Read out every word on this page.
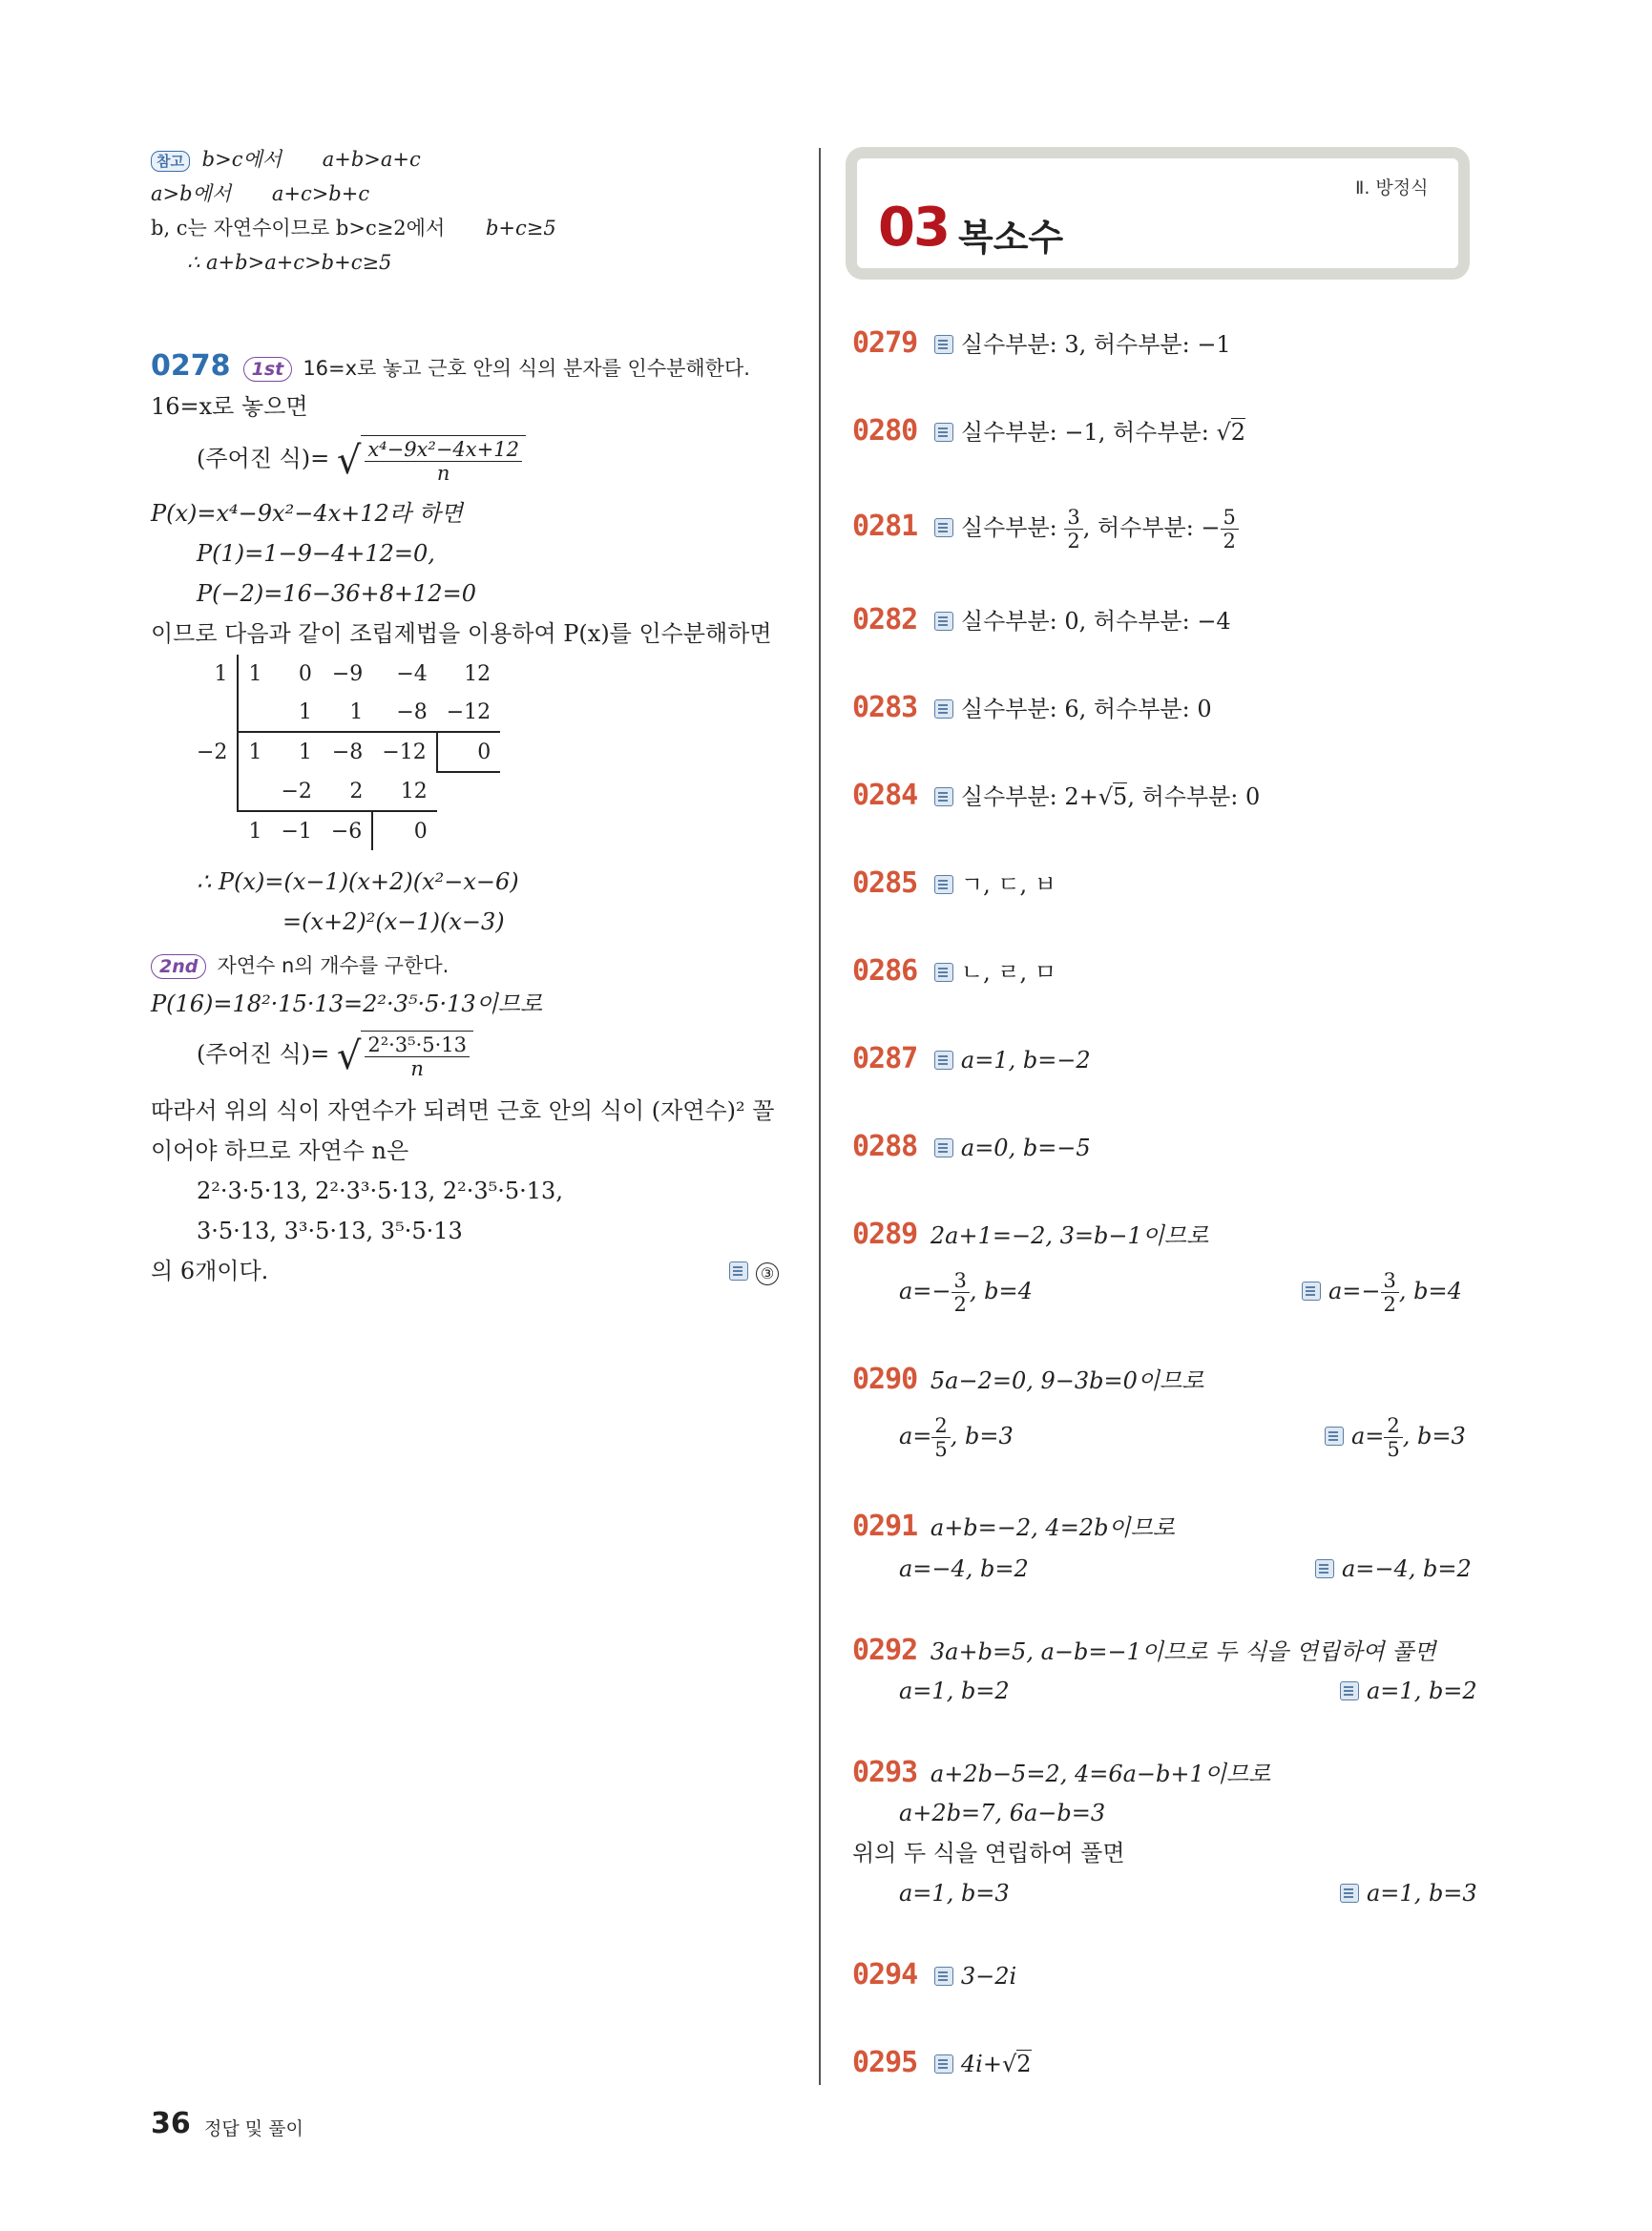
참고 b>c에서 a+b>a+c
a>b에서 a+c>b+c
b, c는 자연수이므로 b>c≥2에서 b+c≥5
∴ a+b>a+c>b+c≥5
0278 1st 16=x로 놓고 근호 안의 식의 분자를 인수분해한다.
16=x로 놓으면
(주어진 식)= √ $\frac{\text{x⁴−9x²−4x+12}}{n}$
P(x)=x⁴−9x²−4x+12라 하면
P(1)=1−9−4+12=0,
P(−2)=16−36+8+12=0
이므로 다음과 같이 조립제법을 이용하여 P(x)를 인수분해하면
1	1	0	−9	−4	12
		1	1	−8	−12
−2	1	1	−8	−12	0
		−2	2	12	
	1	−1	−6	0	
∴ P(x)=(x−1)(x+2)(x²−x−6)
=(x+2)²(x−1)(x−3)
2nd 자연수 n의 개수를 구한다.
P(16)=18²·15·13=2²·3⁵·5·13이므로
(주어진 식)= √ $\frac{\text{2²·3⁵·5·13}}{n}$
따라서 위의 식이 자연수가 되려면 근호 안의 식이 (자연수)² 꼴
이어야 하므로 자연수 n은
2²·3·5·13, 2²·3³·5·13, 2²·3⁵·5·13,
3·5·13, 3³·5·13, 3⁵·5·13
의 6개이다.	③
Ⅱ. 방정식
03 복소수
0279 실수부분: 3, 허수부분: −1
0280 실수부분: −1, 허수부분: √2
0281 실수부분: $\frac{3}{2}$ , 허수부분: − $\frac{5}{2}$
0282 실수부분: 0, 허수부분: −4
0283 실수부분: 6, 허수부분: 0
0284 실수부분: 2+√5, 허수부분: 0
0285 ㄱ, ㄷ, ㅂ
0286 ㄴ, ㄹ, ㅁ
0287 a=1, b=−2
0288 a=0, b=−5
0289 2a+1=−2, 3=b−1이므로
$a=- \frac{3}{2}$ , b=4	$a=- \frac{3}{2}$ , b=4
0290 5a−2=0, 9−3b=0이므로
$a= \frac{2}{5}$ , b=3	$a= \frac{2}{5}$ , b=3
0291 a+b=−2, 4=2b이므로
a=−4, b=2	a=−4, b=2
0292 3a+b=5, a−b=−1이므로 두 식을 연립하여 풀면
a=1, b=2	a=1, b=2
0293 a+2b−5=2, 4=6a−b+1이므로
a+2b=7, 6a−b=3
위의 두 식을 연립하여 풀면
a=1, b=3	a=1, b=3
0294 3−2i
0295 4i+√2
36 정답 및 풀이
